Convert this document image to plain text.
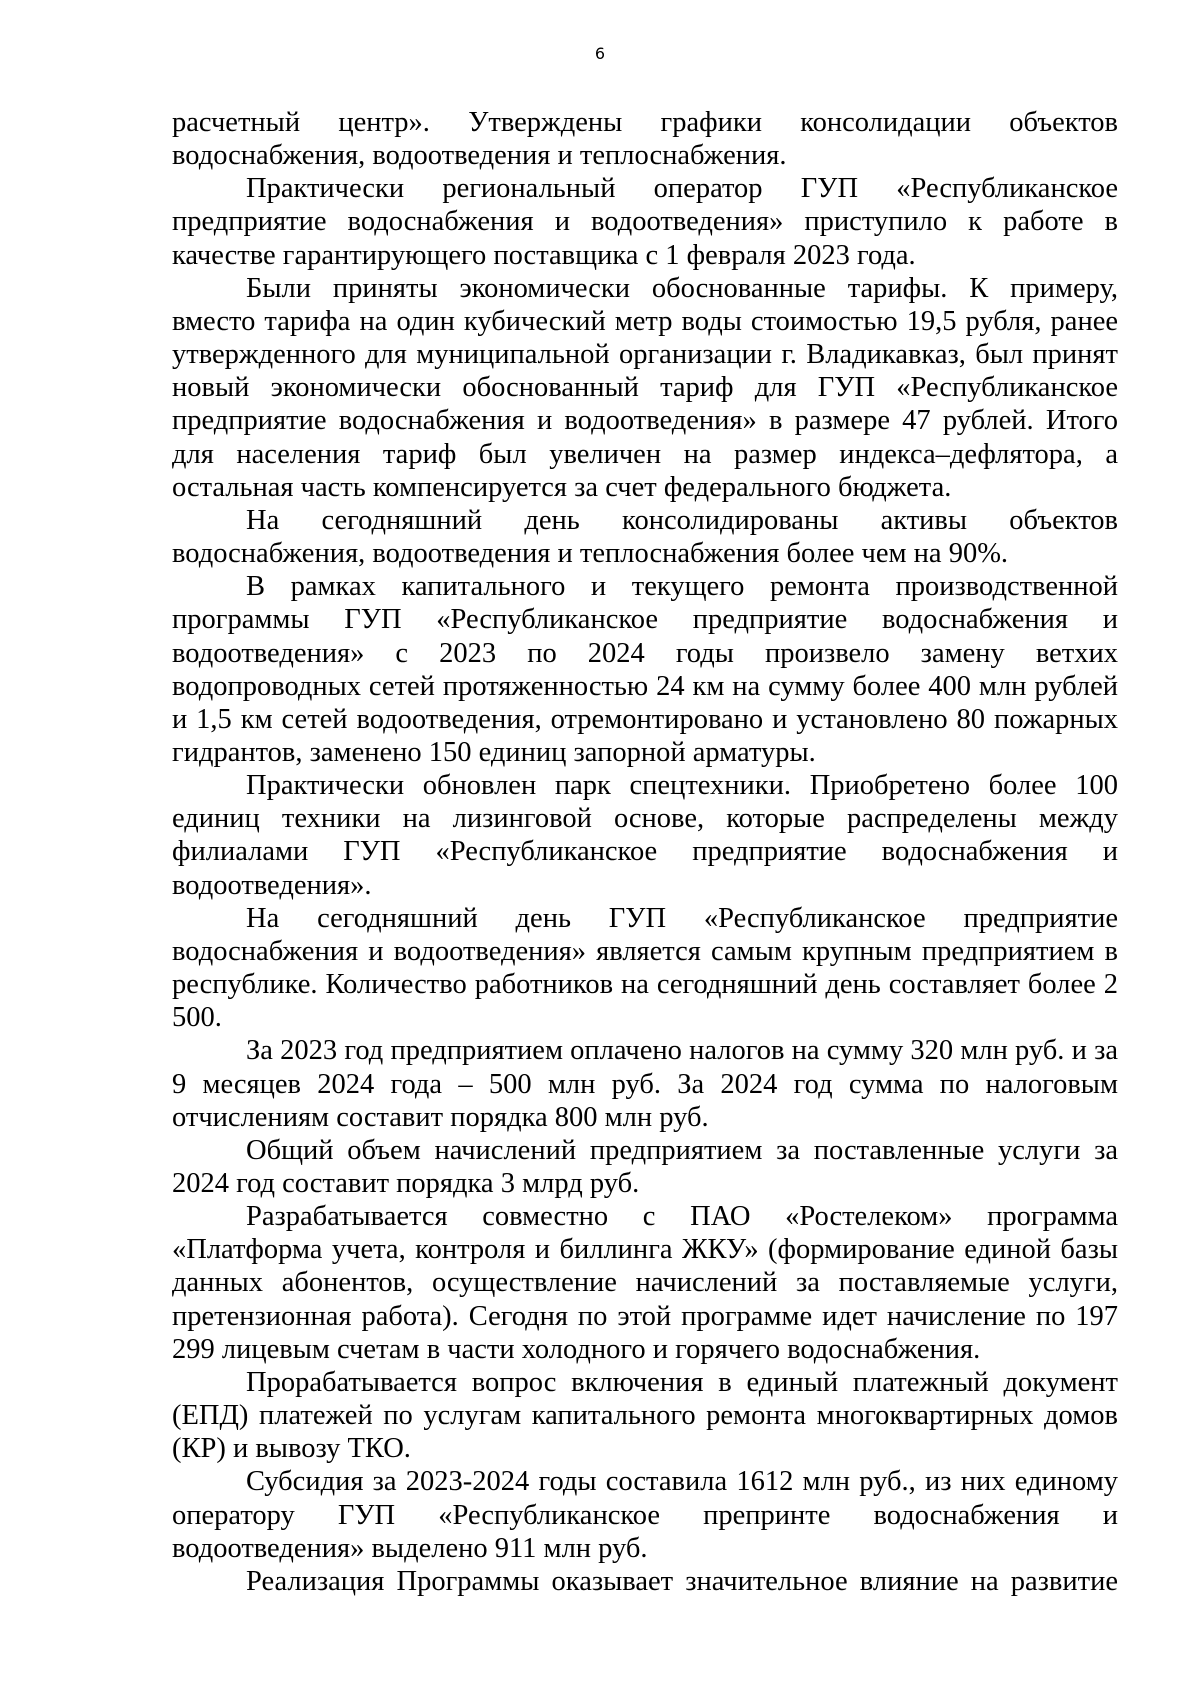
6

расчетный центр». Утверждены графики консолидации объектов водоснабжения, водоотведения и теплоснабжения.

Практически региональный оператор ГУП «Республиканское предприятие водоснабжения и водоотведения» приступило к работе в качестве гарантирующего поставщика с 1 февраля 2023 года.

Были приняты экономически обоснованные тарифы. К примеру, вместо тарифа на один кубический метр воды стоимостью 19,5 рубля, ранее утвержденного для муниципальной организации г. Владикавказ, был принят новый экономически обоснованный тариф для ГУП «Республиканское предприятие водоснабжения и водоотведения» в размере 47 рублей. Итого для населения тариф был увеличен на размер индекса–дефлятора, а остальная часть компенсируется за счет федерального бюджета.

На сегодняшний день консолидированы активы объектов водоснабжения, водоотведения и теплоснабжения более чем на 90%.

В рамках капитального и текущего ремонта производственной программы ГУП «Республиканское предприятие водоснабжения и водоотведения» с 2023 по 2024 годы произвело замену ветхих водопроводных сетей протяженностью 24 км на сумму более 400 млн рублей и 1,5 км сетей водоотведения, отремонтировано и установлено 80 пожарных гидрантов, заменено 150 единиц запорной арматуры.

Практически обновлен парк спецтехники. Приобретено более 100 единиц техники на лизинговой основе, которые распределены между филиалами ГУП «Республиканское предприятие водоснабжения и водоотведения».

На сегодняшний день ГУП «Республиканское предприятие водоснабжения и водоотведения» является самым крупным предприятием в республике. Количество работников на сегодняшний день составляет более 2 500.

За 2023 год предприятием оплачено налогов на сумму 320 млн руб. и за 9 месяцев 2024 года – 500 млн руб. За 2024 год сумма по налоговым отчислениям составит порядка 800 млн руб.

Общий объем начислений предприятием за поставленные услуги за 2024 год составит порядка 3 млрд руб.

Разрабатывается совместно с ПАО «Ростелеком» программа «Платформа учета, контроля и биллинга ЖКУ» (формирование единой базы данных абонентов, осуществление начислений за поставляемые услуги, претензионная работа). Сегодня по этой программе идет начисление по 197 299 лицевым счетам в части холодного и горячего водоснабжения.

Прорабатывается вопрос включения в единый платежный документ (ЕПД) платежей по услугам капитального ремонта многоквартирных домов (КР) и вывозу ТКО.

Субсидия за 2023-2024 годы составила 1612 млн руб., из них единому оператору ГУП «Республиканское препринте водоснабжения и водоотведения» выделено 911 млн руб.

Реализация Программы оказывает значительное влияние на развитие
